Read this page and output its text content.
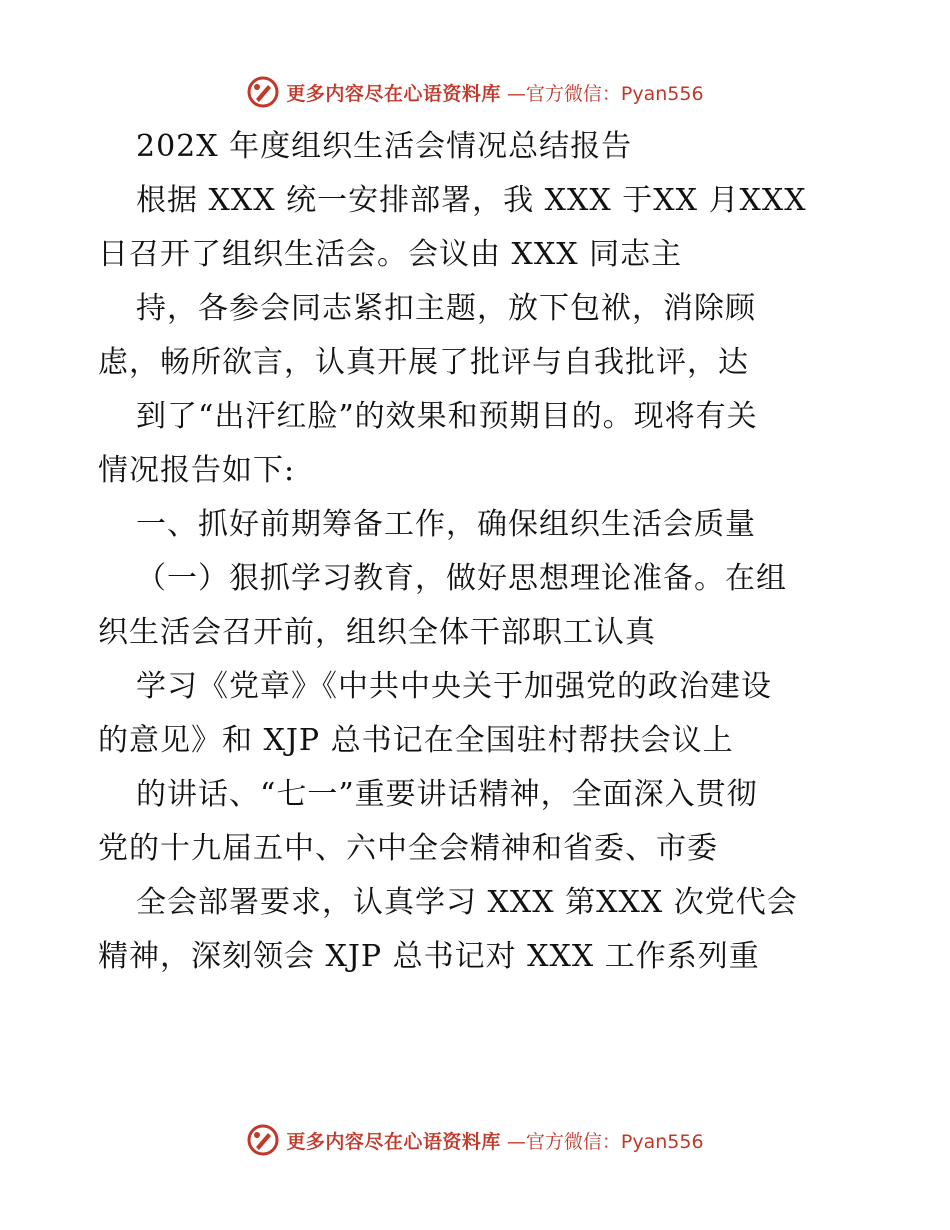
更多内容尽在心语资料库 —官方微信：Pyan556
202X 年度组织生活会情况总结报告
根据 XXX 统一安排部署，我 XXX 于XX 月XXX
日召开了组织生活会。会议由 XXX 同志主
持，各参会同志紧扣主题，放下包袱，消除顾
虑，畅所欲言，认真开展了批评与自我批评，达
到了“出汗红脸”的效果和预期目的。现将有关
情况报告如下:
一、抓好前期筹备工作，确保组织生活会质量
（一）狠抓学习教育，做好思想理论准备。在组
织生活会召开前，组织全体干部职工认真
学习《党章》《中共中央关于加强党的政治建设
的意见》和 XJP 总书记在全国驻村帮扶会议上
的讲话、“七一”重要讲话精神，全面深入贯彻
党的十九届五中、六中全会精神和省委、市委
全会部署要求，认真学习 XXX 第XXX 次党代会
精神，深刻领会 XJP 总书记对 XXX 工作系列重
更多内容尽在心语资料库 —官方微信：Pyan556
